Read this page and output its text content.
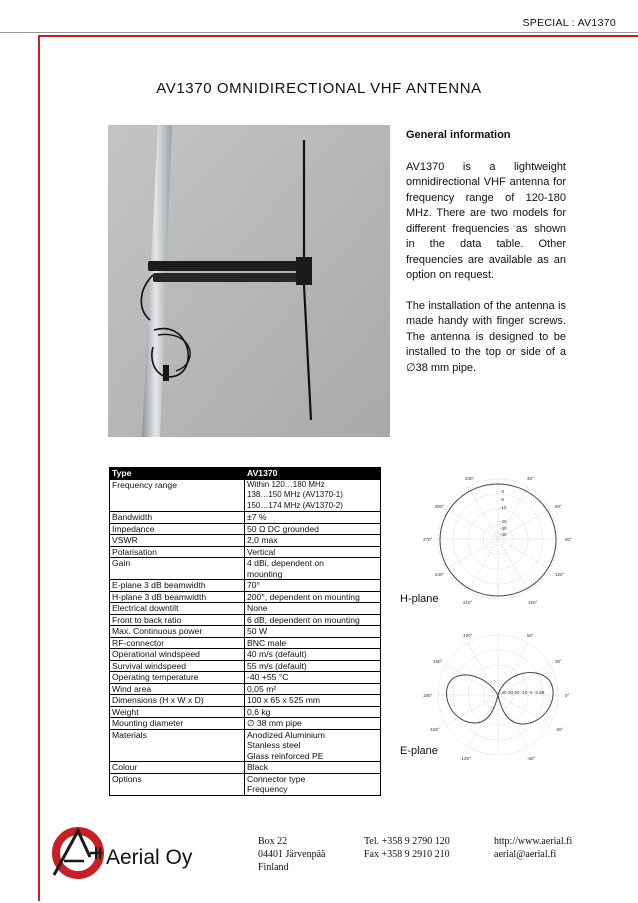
SPECIAL : AV1370
AV1370 OMNIDIRECTIONAL VHF ANTENNA
General information

AV1370 is a lightweight omnidirectional VHF antenna for frequency range of 120-180 MHz. There are two models for different frequencies as shown in the data table. Other frequencies are available as an option on request.

The installation of the antenna is made handy with finger screws. The antenna is designed to be installed to the top or side of a ∅38 mm pipe.

Type	AV1370
Frequency range	Within 120…180 MHz
138…150 MHz (AV1370-1)
150…174 MHz (AV1370-2)
Bandwidth	±7 %
Impedance	50 Ω DC grounded
VSWR	2,0 max
Polarisation	Vertical
Gain	4 dBi, dependent on
mounting
E-plane 3 dB beamwidth	70°
H-plane 3 dB beamwidth	200°, dependent on mounting
Electrical downtilt	None
Front to back ratio	6 dB, dependent on mounting
Max. Continuous power	50 W
RF-connector	BNC male
Operational windspeed	40 m/s (default)
Survival windspeed	55 m/s (default)
Operating temperature	-40 +55 °C
Wind area	0,05 m²
Dimensions (H x W x D)	100 x 65 x 525 mm
Weight	0,6 kg
Mounting diameter	∅ 38 mm pipe
Materials	Anodized Aluminium
Stanless steel
Glass reinforced PE
Colour	Black
Options	Connector type
Frequency
330°	30°
300°	60°
270°	90°
240°	120°
210°	150°
-3
-6
-10
-20
-30
-40
H-plane
120°	60°
150°	30°
180°	0°
-150°	-30°
-120°	-60°
-40-30-20 -10 -6 -3 dB
E-plane
Aerial Oy
Box 22
04401 Järvenpää
Finland
Tel. +358 9 2790 120
Fax +358 9 2910 210
http://www.aerial.fi
aerial@aerial.fi
